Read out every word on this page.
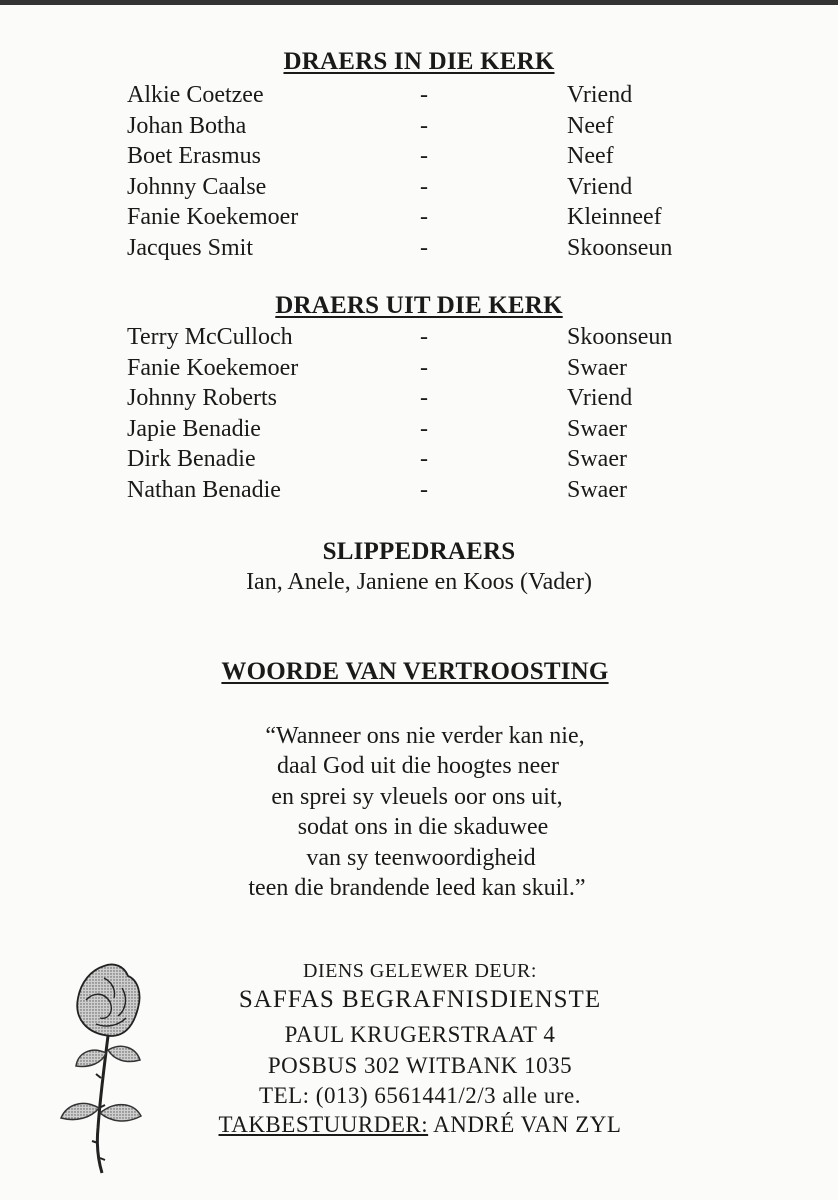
DRAERS IN DIE KERK
Alkie Coetzee	-	Vriend
Johan Botha	-	Neef
Boet Erasmus	-	Neef
Johnny Caalse	-	Vriend
Fanie Koekemoer	-	Kleinneef
Jacques Smit	-	Skoonseun
DRAERS UIT DIE KERK
Terry McCulloch	-	Skoonseun
Fanie Koekemoer	-	Swaer
Johnny Roberts	-	Vriend
Japie Benadie	-	Swaer
Dirk Benadie	-	Swaer
Nathan Benadie	-	Swaer
SLIPPEDRAERS
Ian, Anele, Janiene en Koos (Vader)
WOORDE VAN VERTROOSTING
“Wanneer ons nie verder kan nie,
daal God uit die hoogtes neer
en sprei sy vleuels oor ons uit,
sodat ons in die skaduwee
van sy teenwoordigheid
teen die brandende leed kan skuil.”
DIENS GELEWER DEUR:
SAFFAS BEGRAFNISDIENSTE
PAUL KRUGERSTRAAT 4
POSBUS 302 WITBANK 1035
TEL: (013) 6561441/2/3 alle ure.
TAKBESTUURDER: ANDRÉ VAN ZYL
